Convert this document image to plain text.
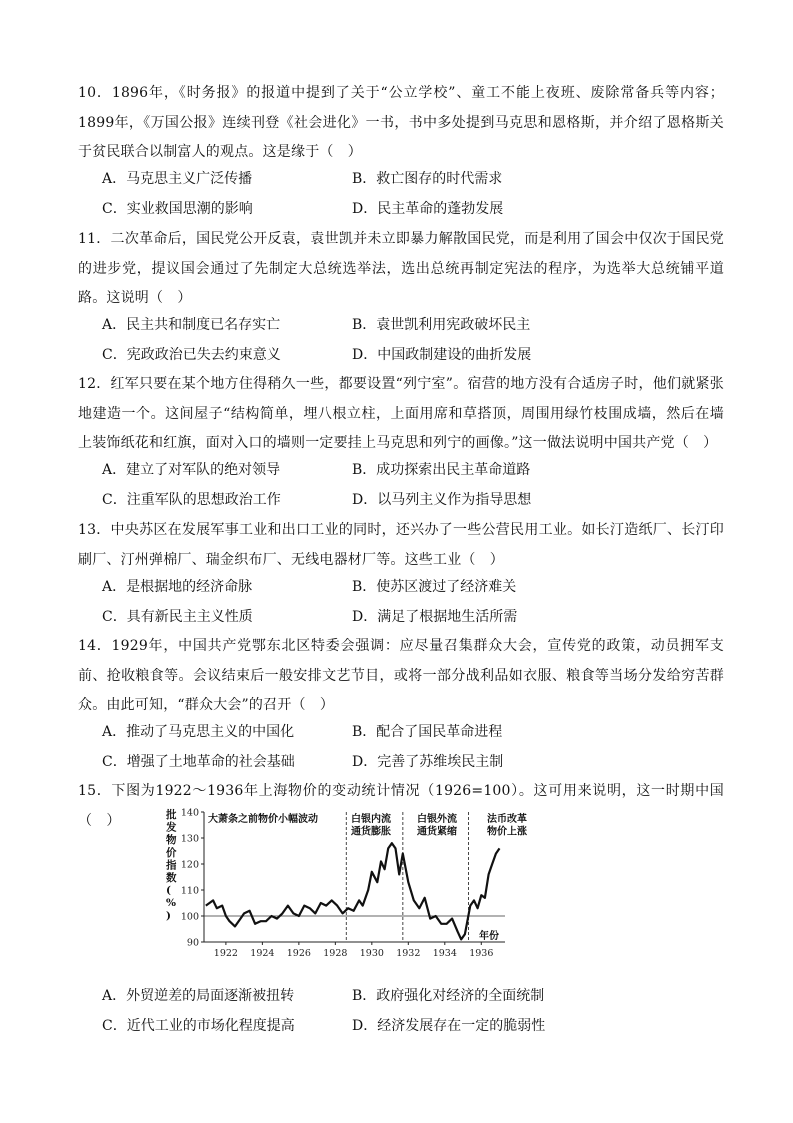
10．1896年，《时务报》的报道中提到了关于“公立学校”、童工不能上夜班、废除常备兵等内容；1899年，《万国公报》连续刊登《社会进化》一书，书中多处提到马克思和恩格斯，并介绍了恩格斯关于贫民联合以制富人的观点。这是缘于（　）
A．马克思主义广泛传播	B．救亡图存的时代需求
C．实业救国思潮的影响	D．民主革命的蓬勃发展
11．二次革命后，国民党公开反袁，袁世凯并未立即暴力解散国民党，而是利用了国会中仅次于国民党的进步党，提议国会通过了先制定大总统选举法，选出总统再制定宪法的程序，为选举大总统铺平道路。这说明（　）
A．民主共和制度已名存实亡	B．袁世凯利用宪政破坏民主
C．宪政政治已失去约束意义	D．中国政制建设的曲折发展
12．红军只要在某个地方住得稍久一些，都要设置“列宁室”。宿营的地方没有合适房子时，他们就紧张地建造一个。这间屋子“结构简单，埋八根立柱，上面用席和草搭顶，周围用绿竹枝围成墙，然后在墙上装饰纸花和红旗，面对入口的墙则一定要挂上马克思和列宁的画像。”这一做法说明中国共产党（　）
A．建立了对军队的绝对领导	B．成功探索出民主革命道路
C．注重军队的思想政治工作	D．以马列主义作为指导思想
13．中央苏区在发展军事工业和出口工业的同时，还兴办了一些公营民用工业。如长汀造纸厂、长汀印刷厂、汀州弹棉厂、瑞金织布厂、无线电器材厂等。这些工业（　）
A．是根据地的经济命脉	B．使苏区渡过了经济难关
C．具有新民主主义性质	D．满足了根据地生活所需
14．1929年，中国共产党鄂东北区特委会强调：应尽量召集群众大会，宣传党的政策，动员拥军支前、抢收粮食等。会议结束后一般安排文艺节目，或将一部分战利品如衣服、粮食等当场分发给穷苦群众。由此可知，“群众大会”的召开（　）
A．推动了马克思主义的中国化	B．配合了国民革命进程
C．增强了土地革命的社会基础	D．完善了苏维埃民主制
15．下图为1922～1936年上海物价的变动统计情况（1926=100）。这可用来说明，这一时期中国（　）
90
100
110
120
130
140
1922 1924 1926 1928 1930 1932 1934 1936
批发物价指数( % )
年份
大萧条之前物价小幅波动	白银内流通货膨胀
白银外流通货紧缩
法币改革物价上涨
A．外贸逆差的局面逐渐被扭转	B．政府强化对经济的全面统制
C．近代工业的市场化程度提高	D．经济发展存在一定的脆弱性
